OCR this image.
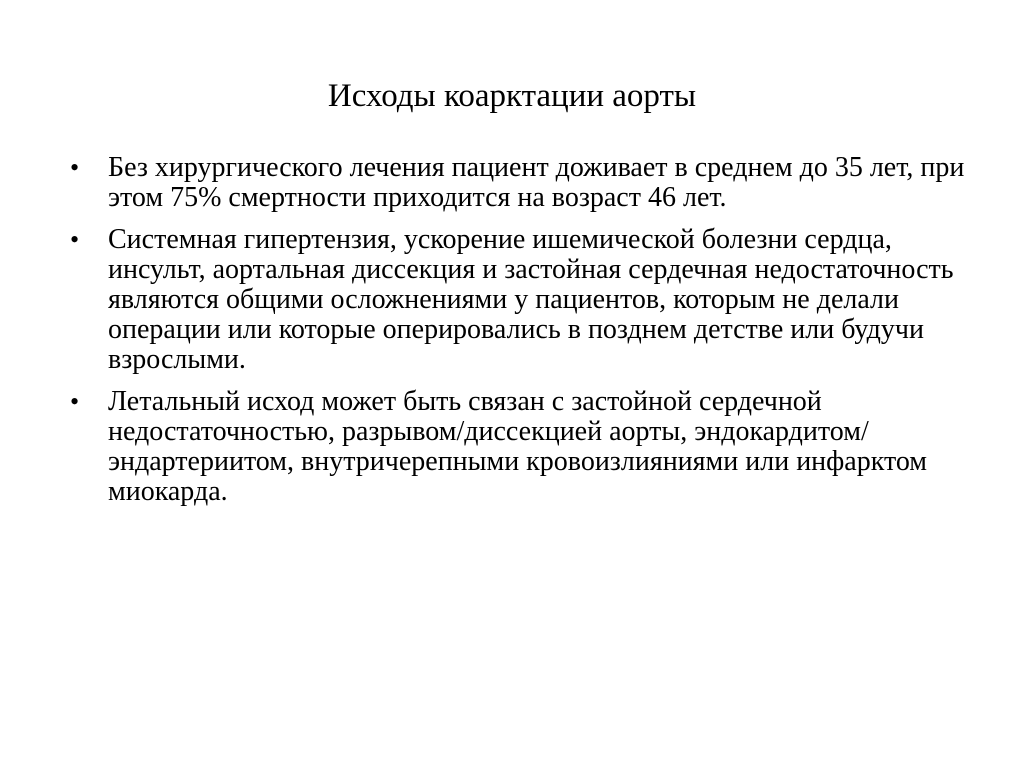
Исходы коарктации аорты
• Без хирургического лечения пациент доживает в среднем до 35 лет, при этом 75% смертности приходится на возраст 46 лет.
• Системная гипертензия, ускорение ишемической болезни сердца, инсульт, аортальная диссекция и застойная сердечная недостаточность являются общими осложнениями у пациентов, которым не делали операции или которые оперировались в позднем детстве или будучи взрослыми.
• Летальный исход может быть связан с застойной сердечной недостаточностью, разрывом/диссекцией аорты, эндокардитом/эндартериитом, внутричерепными кровоизлияниями или инфарктом миокарда.
